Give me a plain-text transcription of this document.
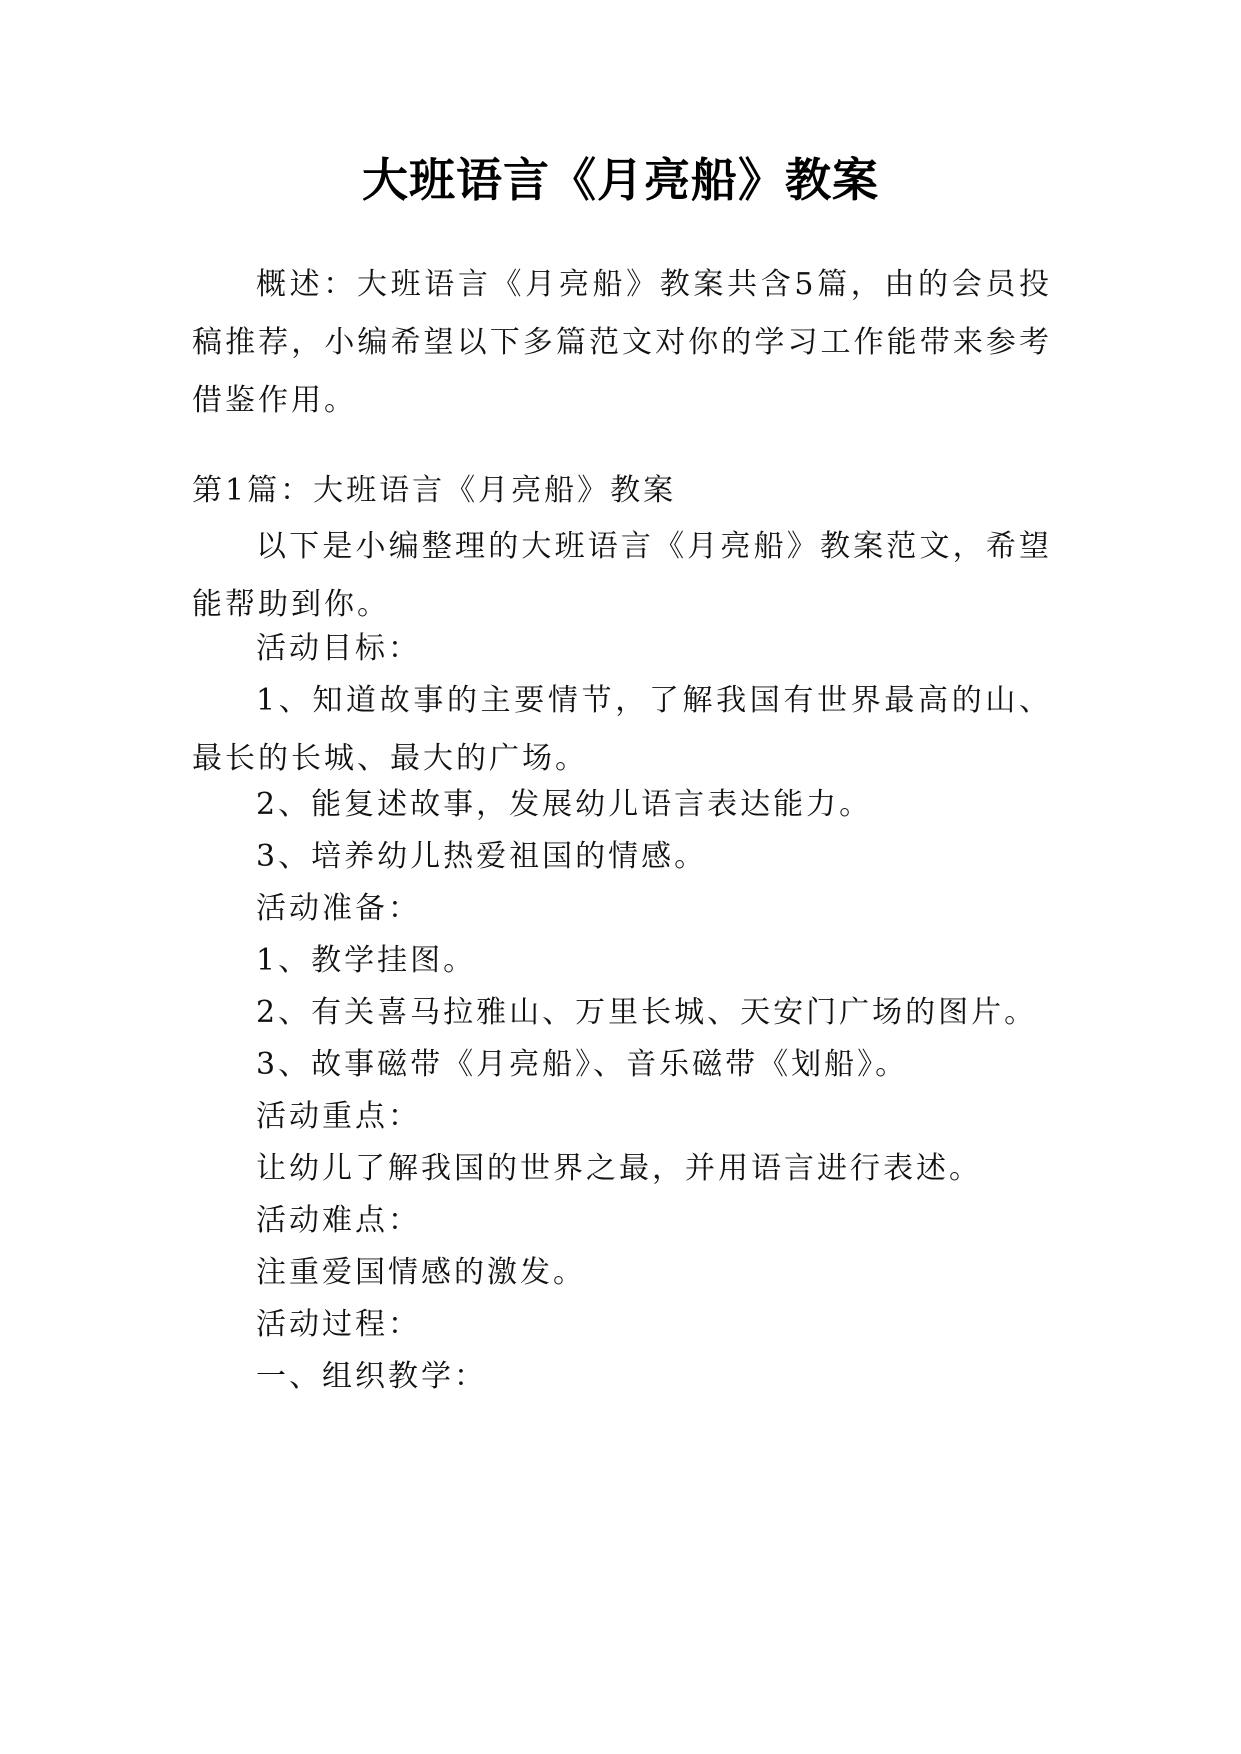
大班语言《月亮船》教案

概述：大班语言《月亮船》教案共含5篇，由的会员投稿推荐，小编希望以下多篇范文对你的学习工作能带来参考借鉴作用。

第1篇：大班语言《月亮船》教案

以下是小编整理的大班语言《月亮船》教案范文，希望能帮助到你。

活动目标：

1、知道故事的主要情节，了解我国有世界最高的山、最长的长城、最大的广场。

2、能复述故事，发展幼儿语言表达能力。

3、培养幼儿热爱祖国的情感。

活动准备：

1、教学挂图。

2、有关喜马拉雅山、万里长城、天安门广场的图片。

3、故事磁带《月亮船》、音乐磁带《划船》。

活动重点：

让幼儿了解我国的世界之最，并用语言进行表述。

活动难点：

注重爱国情感的激发。

活动过程：

一、组织教学：
